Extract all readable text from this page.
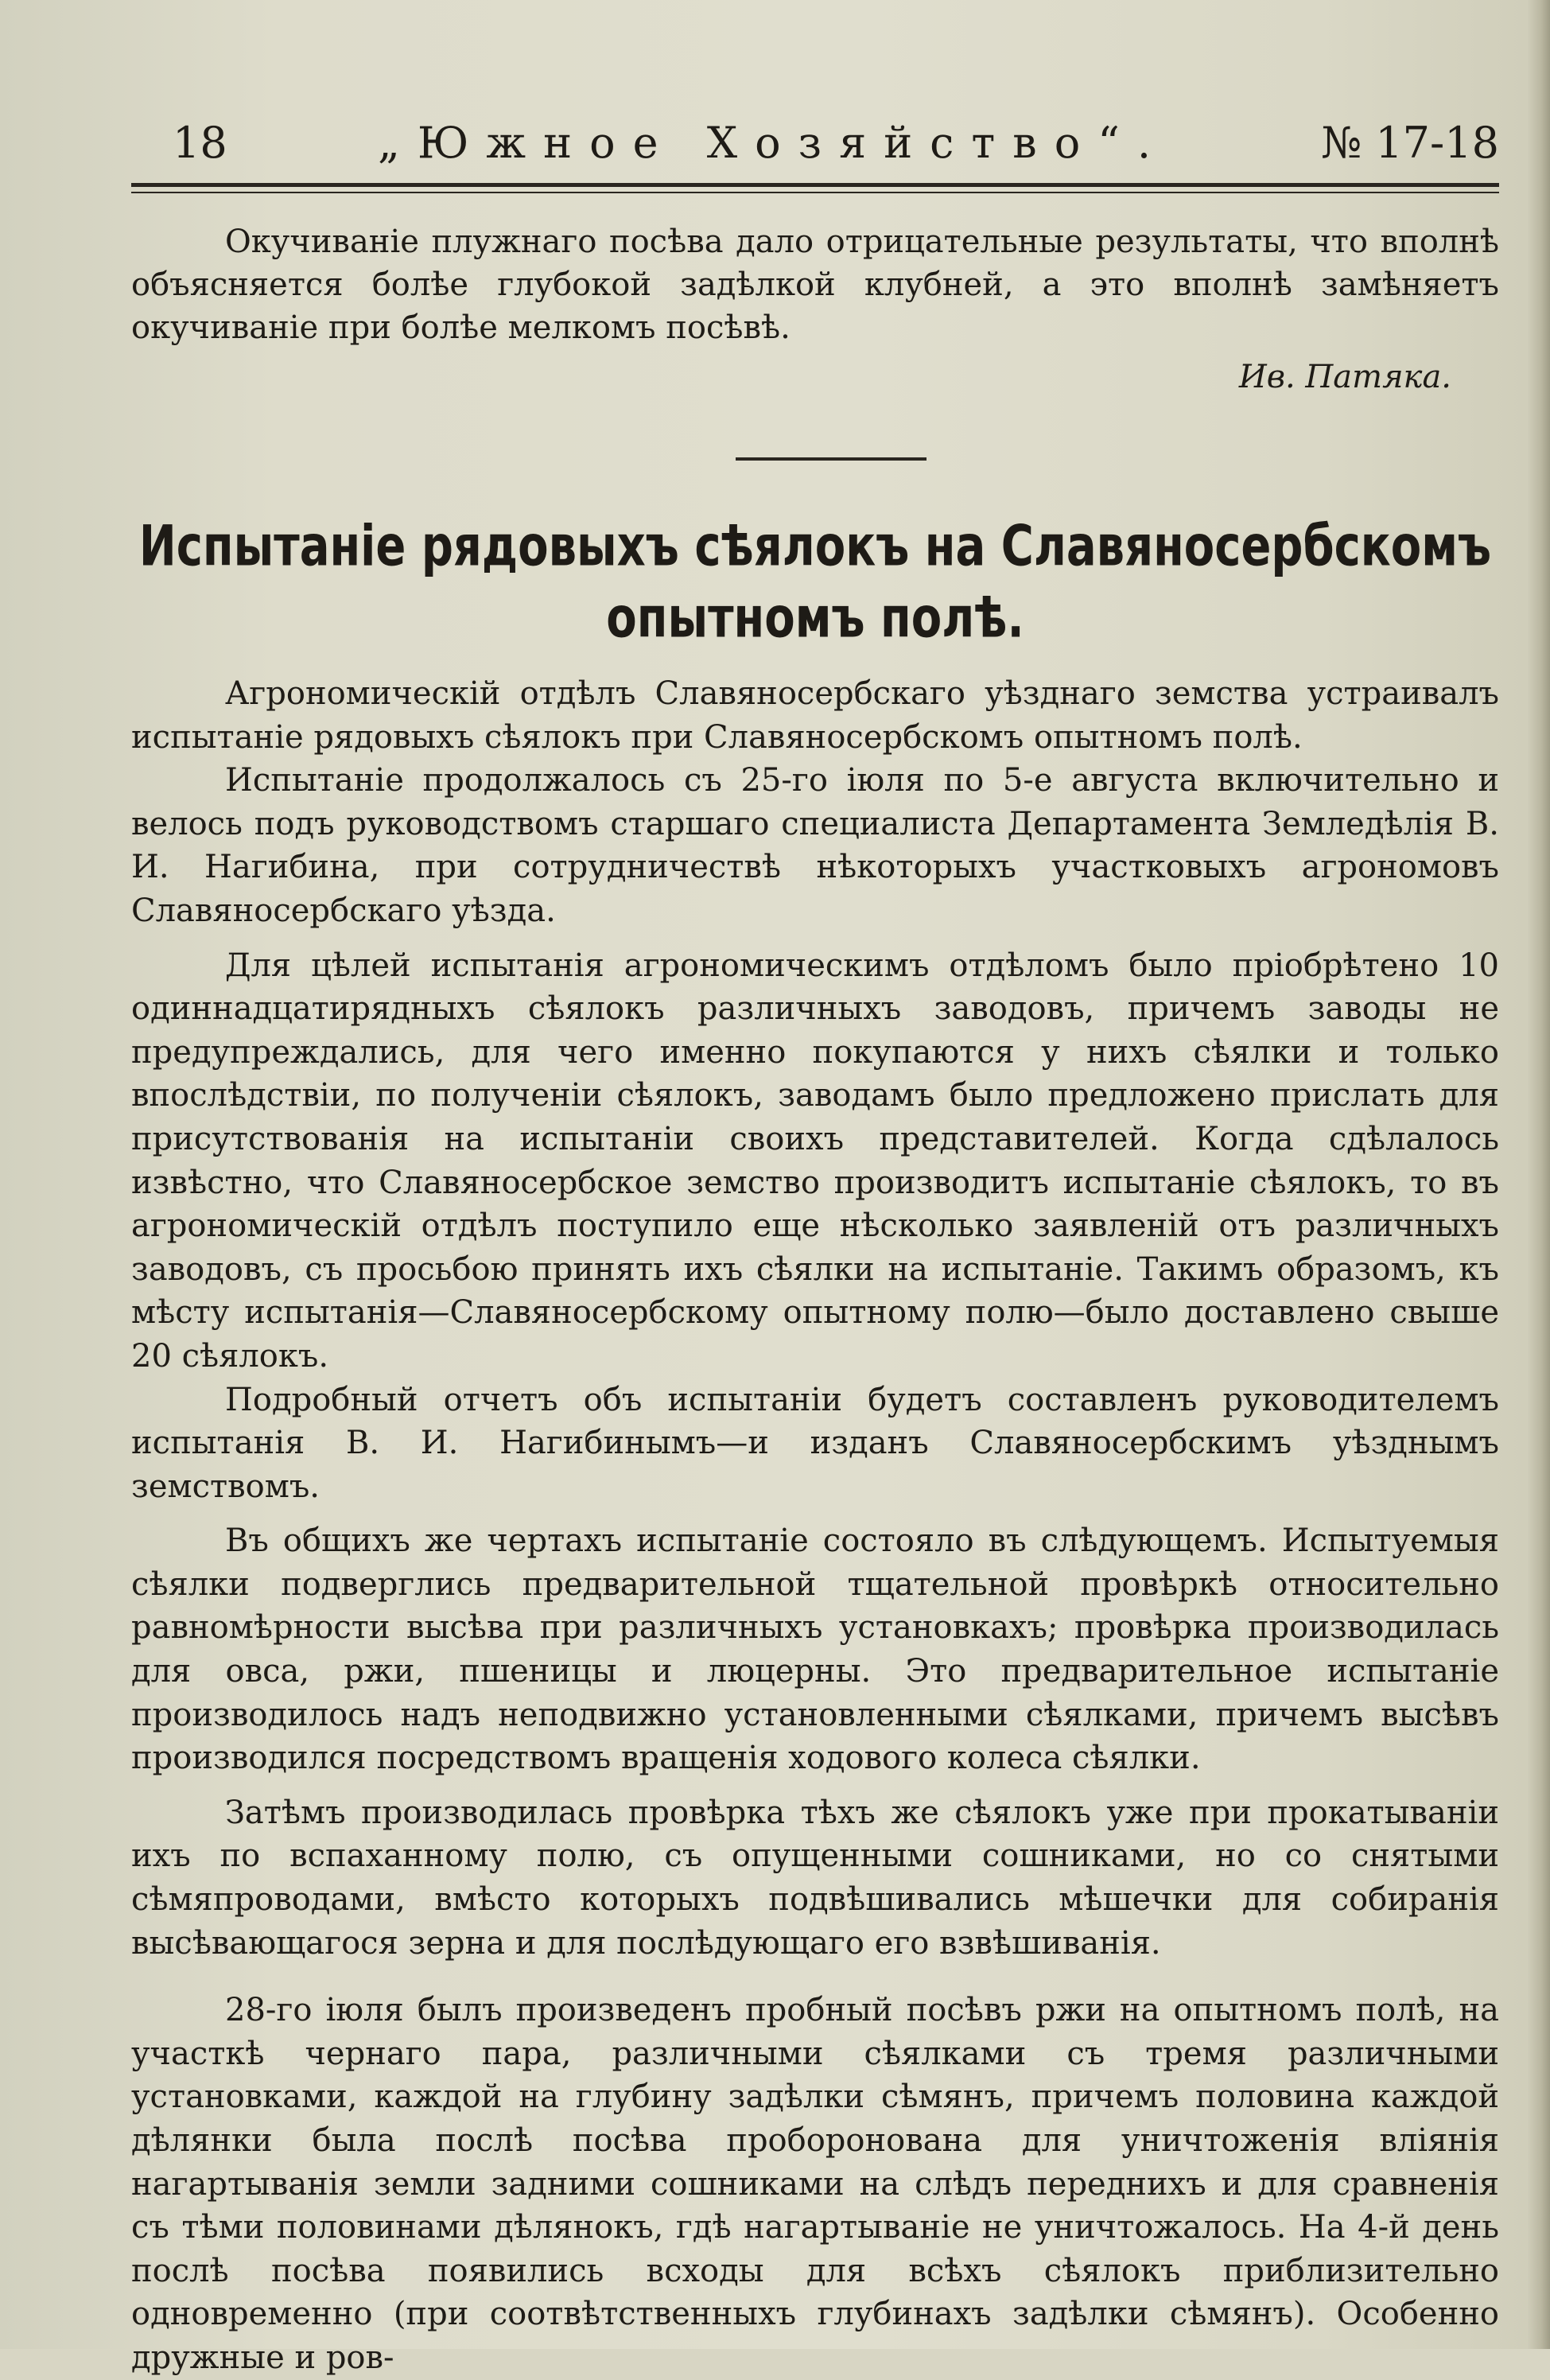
18	„Южное Хозяйство“.	№ 17-18

Окучиванiе плужнаго посѣва дало отрицательные результаты, что вполнѣ объясняется болѣе глубокой задѣлкой клубней, а это вполнѣ замѣняетъ окучиванiе при болѣе мелкомъ посѣвѣ.

Ив. Патяка.
Испытанiе рядовыхъ сѣялокъ на Славяносербскомъ опытномъ полѣ.

Агрономическiй отдѣлъ Славяносербскаго уѣзднаго земства устраивалъ испытанiе рядовыхъ сѣялокъ при Славяносербскомъ опытномъ полѣ.

Испытанiе продолжалось съ 25-го iюля по 5-е августа включительно и велось подъ руководствомъ старшаго специалиста Департамента Земледѣлiя В. И. Нагибина, при сотрудничествѣ нѣкоторыхъ участковыхъ агрономовъ Славяносербскаго уѣзда.

Для цѣлей испытанiя агрономическимъ отдѣломъ было прiобрѣтено 10 одиннадцатирядныхъ сѣялокъ различныхъ заводовъ, причемъ заводы не предупреждались, для чего именно покупаются у нихъ сѣялки и только впослѣдствiи, по полученiи сѣялокъ, заводамъ было предложено прислать для присутствованiя на испытанiи своихъ представителей. Когда сдѣлалось извѣстно, что Славяносербское земство производитъ испытанiе сѣялокъ, то въ агрономическiй отдѣлъ поступило еще нѣсколько заявленiй отъ различныхъ заводовъ, съ просьбою принять ихъ сѣялки на испытанiе. Такимъ образомъ, къ мѣсту испытанiя—Славяносербскому опытному полю—было доставлено свыше 20 сѣялокъ.

Подробный отчетъ объ испытанiи будетъ составленъ руководителемъ испытанiя В. И. Нагибинымъ—и изданъ Славяносербскимъ уѣзднымъ земствомъ.

Въ общихъ же чертахъ испытанiе состояло въ слѣдующемъ. Испытуемыя сѣялки подверглись предварительной тщательной провѣркѣ относительно равномѣрности высѣва при различныхъ установкахъ; провѣрка производилась для овса, ржи, пшеницы и люцерны. Это предварительное испытанiе производилось надъ неподвижно установленными сѣялками, причемъ высѣвъ производился посредствомъ вращенiя ходового колеса сѣялки.

Затѣмъ производилась провѣрка тѣхъ же сѣялокъ уже при прокатыванiи ихъ по вспаханному полю, съ опущенными сошниками, но со снятыми сѣмяпроводами, вмѣсто которыхъ подвѣшивались мѣшечки для собиранiя высѣвающагося зерна и для послѣдующаго его взвѣшиванiя.

28-го iюля былъ произведенъ пробный посѣвъ ржи на опытномъ полѣ, на участкѣ чернаго пара, различными сѣялками съ тремя различными установками, каждой на глубину задѣлки сѣмянъ, причемъ половина каждой дѣлянки была послѣ посѣва проборонована для уничтоженiя влiянiя нагартыванiя земли задними сошниками на слѣдъ переднихъ и для сравненiя съ тѣми половинами дѣлянокъ, гдѣ нагартыванiе не уничтожалось. На 4-й день послѣ посѣва появились всходы для всѣхъ сѣялокъ приблизительно одновременно (при соотвѣтственныхъ глубинахъ задѣлки сѣмянъ). Особенно дружные и ров-
